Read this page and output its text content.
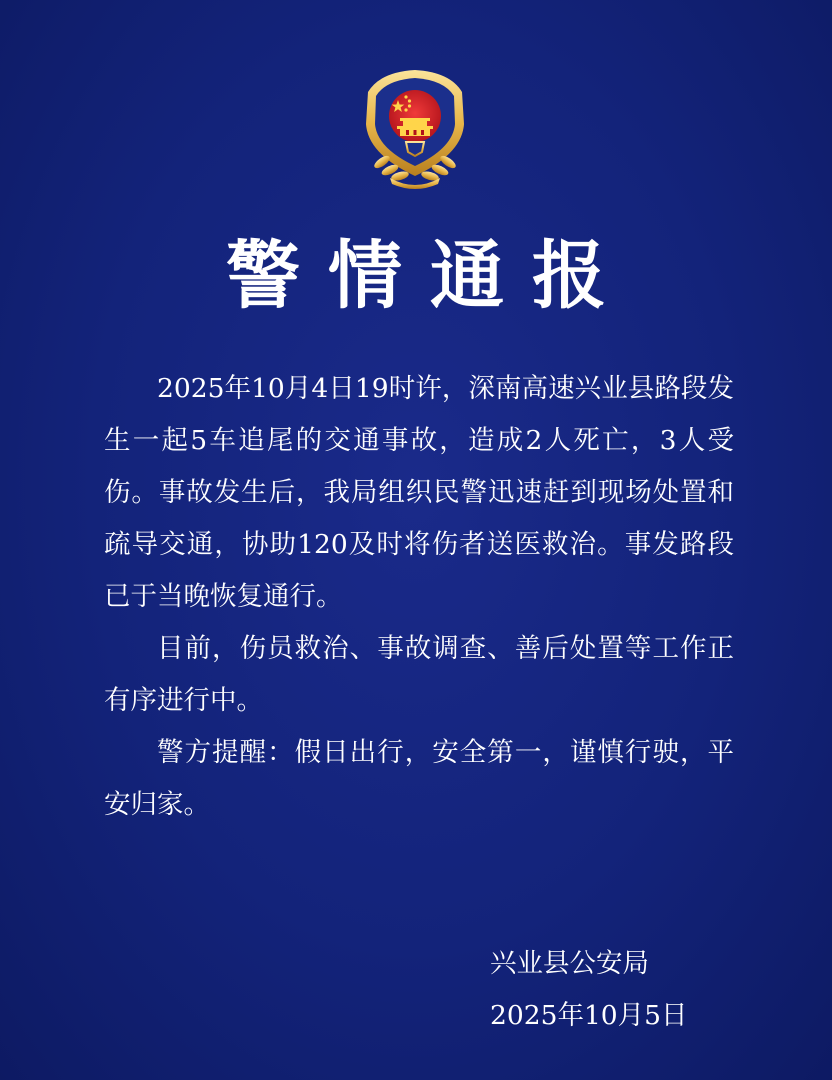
警情通报

2025年10月4日19时许，深南高速兴业县路段发生一起5车追尾的交通事故，造成2人死亡，3人受伤。事故发生后，我局组织民警迅速赶到现场处置和疏导交通，协助120及时将伤者送医救治。事发路段已于当晚恢复通行。

目前，伤员救治、事故调查、善后处置等工作正有序进行中。

警方提醒：假日出行，安全第一，谨慎行驶，平安归家。

兴业县公安局
2025年10月5日
